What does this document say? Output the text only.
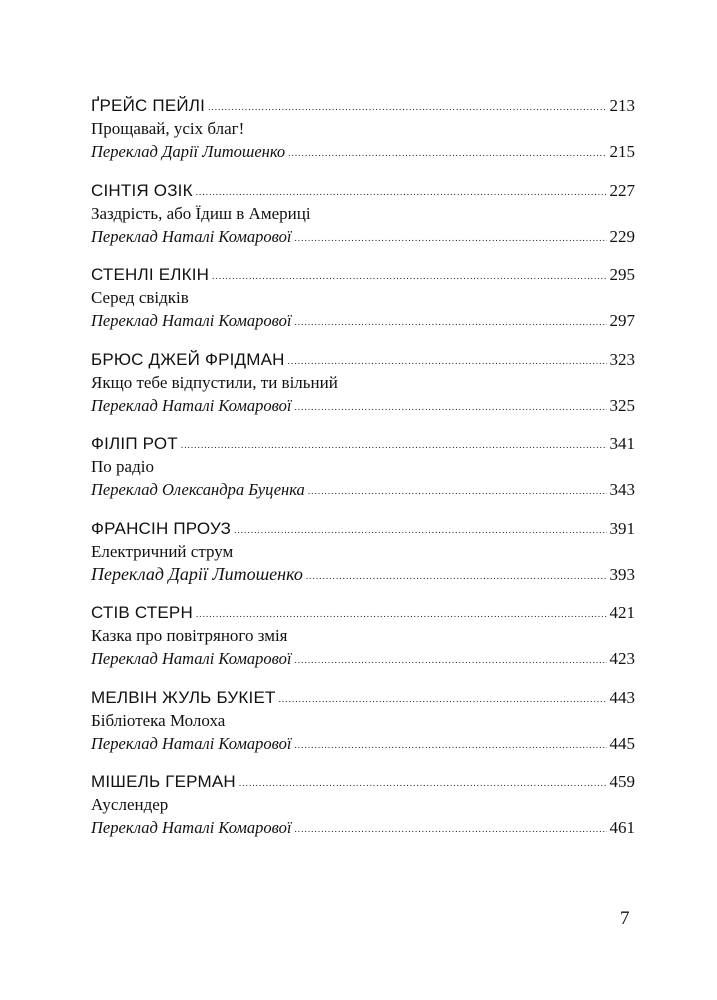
ҐРЕЙС ПЕЙЛІ .....	213
Прощавай, усіх благ!
Переклад Дарії Литошенко .....	215
СІНТІЯ ОЗІК .....	227
Заздрість, або Їдиш в Америці
Переклад Наталі Комарової .....	229
СТЕНЛІ ЕЛКІН .....	295
Серед свідків
Переклад Наталі Комарової .....	297
БРЮС ДЖЕЙ ФРІДМАН .....	323
Якщо тебе відпустили, ти вільний
Переклад Наталі Комарової .....	325
ФІЛІП РОТ .....	341
По радіо
Переклад Олександра Буценка .....	343
ФРАНСІН ПРОУЗ .....	391
Електричний струм
Переклад Дарії Литошенко .....	393
СТІВ СТЕРН .....	421
Казка про повітряного змія
Переклад Наталі Комарової .....	423
МЕЛВІН ЖУЛЬ БУКІЕТ .....	443
Бібліотека Молоха
Переклад Наталі Комарової .....	445
МІШЕЛЬ ГЕРМАН .....	459
Ауслендер
Переклад Наталі Комарової .....	461
7
